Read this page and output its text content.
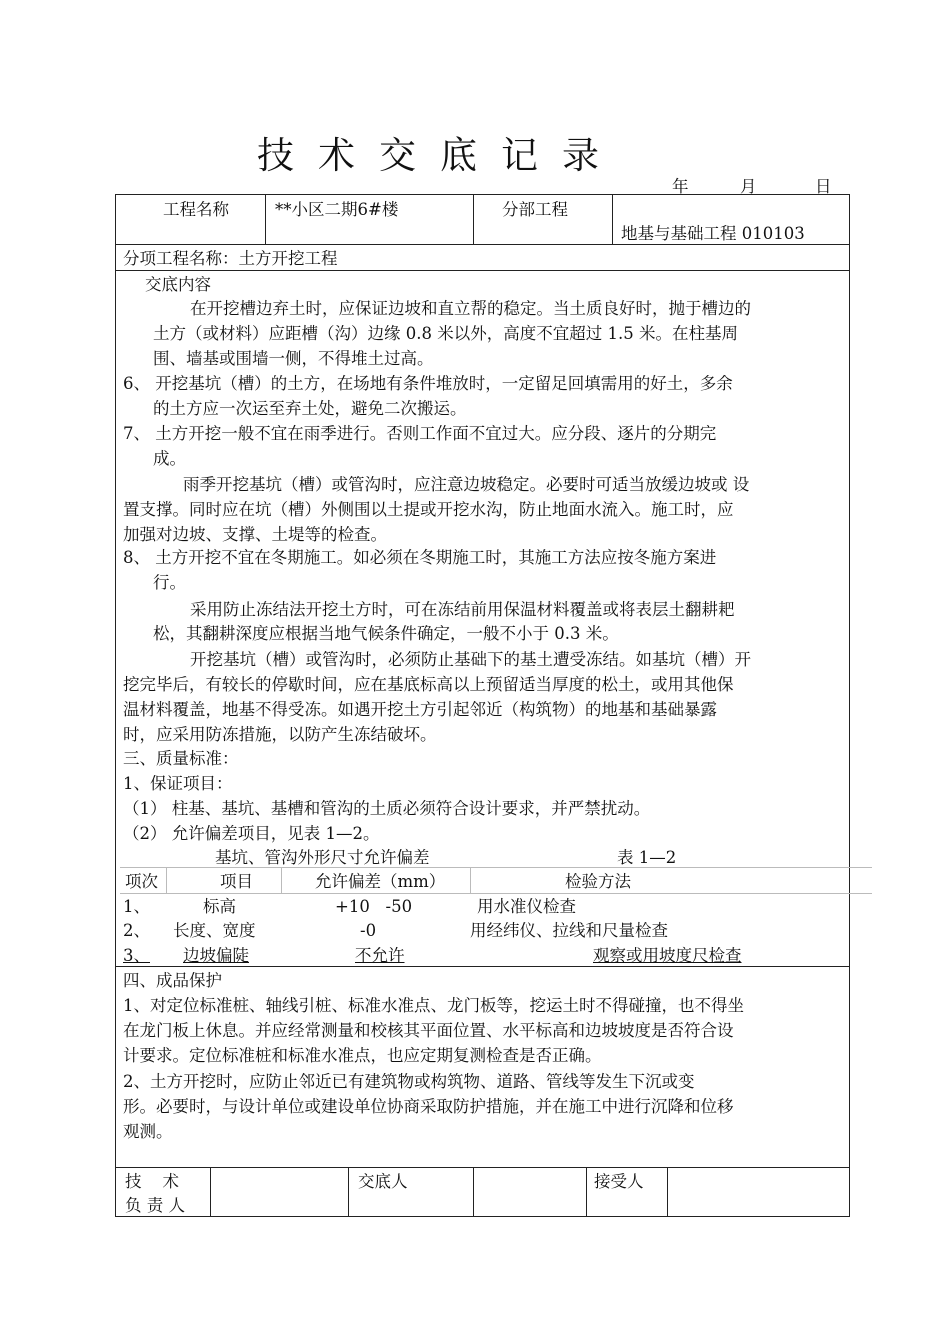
技术交底记录
年	月	日
工程名称	**小区二期6#楼	分部工程
地基与基础工程 010103
分项工程名称：土方开挖工程
交底内容
在开挖槽边弃土时，应保证边坡和直立帮的稳定。当土质良好时，抛于槽边的
土方（或材料）应距槽（沟）边缘 0.8 米以外，高度不宜超过 1.5 米。在柱基周
围、墙基或围墙一侧，不得堆土过高。
6、 开挖基坑（槽）的土方，在场地有条件堆放时，一定留足回填需用的好土，多余
的土方应一次运至弃土处，避免二次搬运。
7、 土方开挖一般不宜在雨季进行。否则工作面不宜过大。应分段、逐片的分期完
成。
雨季开挖基坑（槽）或管沟时，应注意边坡稳定。必要时可适当放缓边坡或 设
置支撑。同时应在坑（槽）外侧围以土提或开挖水沟，防止地面水流入。施工时，应
加强对边坡、支撑、土堤等的检查。
8、 土方开挖不宜在冬期施工。如必须在冬期施工时，其施工方法应按冬施方案进
行。
采用防止冻结法开挖土方时，可在冻结前用保温材料覆盖或将表层土翻耕耙
松，其翻耕深度应根据当地气候条件确定，一般不小于 0.3 米。
开挖基坑（槽）或管沟时，必须防止基础下的基土遭受冻结。如基坑（槽）开
挖完毕后，有较长的停歇时间，应在基底标高以上预留适当厚度的松土，或用其他保
温材料覆盖，地基不得受冻。如遇开挖土方引起邻近（构筑物）的地基和基础暴露
时，应采用防冻措施，以防产生冻结破坏。
三、质量标准：
1、保证项目：
（1） 柱基、基坑、基槽和管沟的土质必须符合设计要求，并严禁扰动。
（2） 允许偏差项目，见表 1—2。
基坑、管沟外形尺寸允许偏差	表 1—2
项次	项目	允许偏差（mm）	检验方法
1、	标高	+10   -50	用水准仪检查
2、 长度、宽度	-0	用经纬仪、拉线和尺量检查
3、 边坡偏陡	不允许	观察或用坡度尺检查
四、成品保护
1、对定位标准桩、轴线引桩、标准水准点、龙门板等，挖运土时不得碰撞，也不得坐
在龙门板上休息。并应经常测量和校核其平面位置、水平标高和边坡坡度是否符合设
计要求。定位标准桩和标准水准点，也应定期复测检查是否正确。
2、土方开挖时，应防止邻近已有建筑物或构筑物、道路、管线等发生下沉或变
形。必要时，与设计单位或建设单位协商采取防护措施，并在施工中进行沉降和位移
观测。
技    术
负 责 人
交底人	接受人
